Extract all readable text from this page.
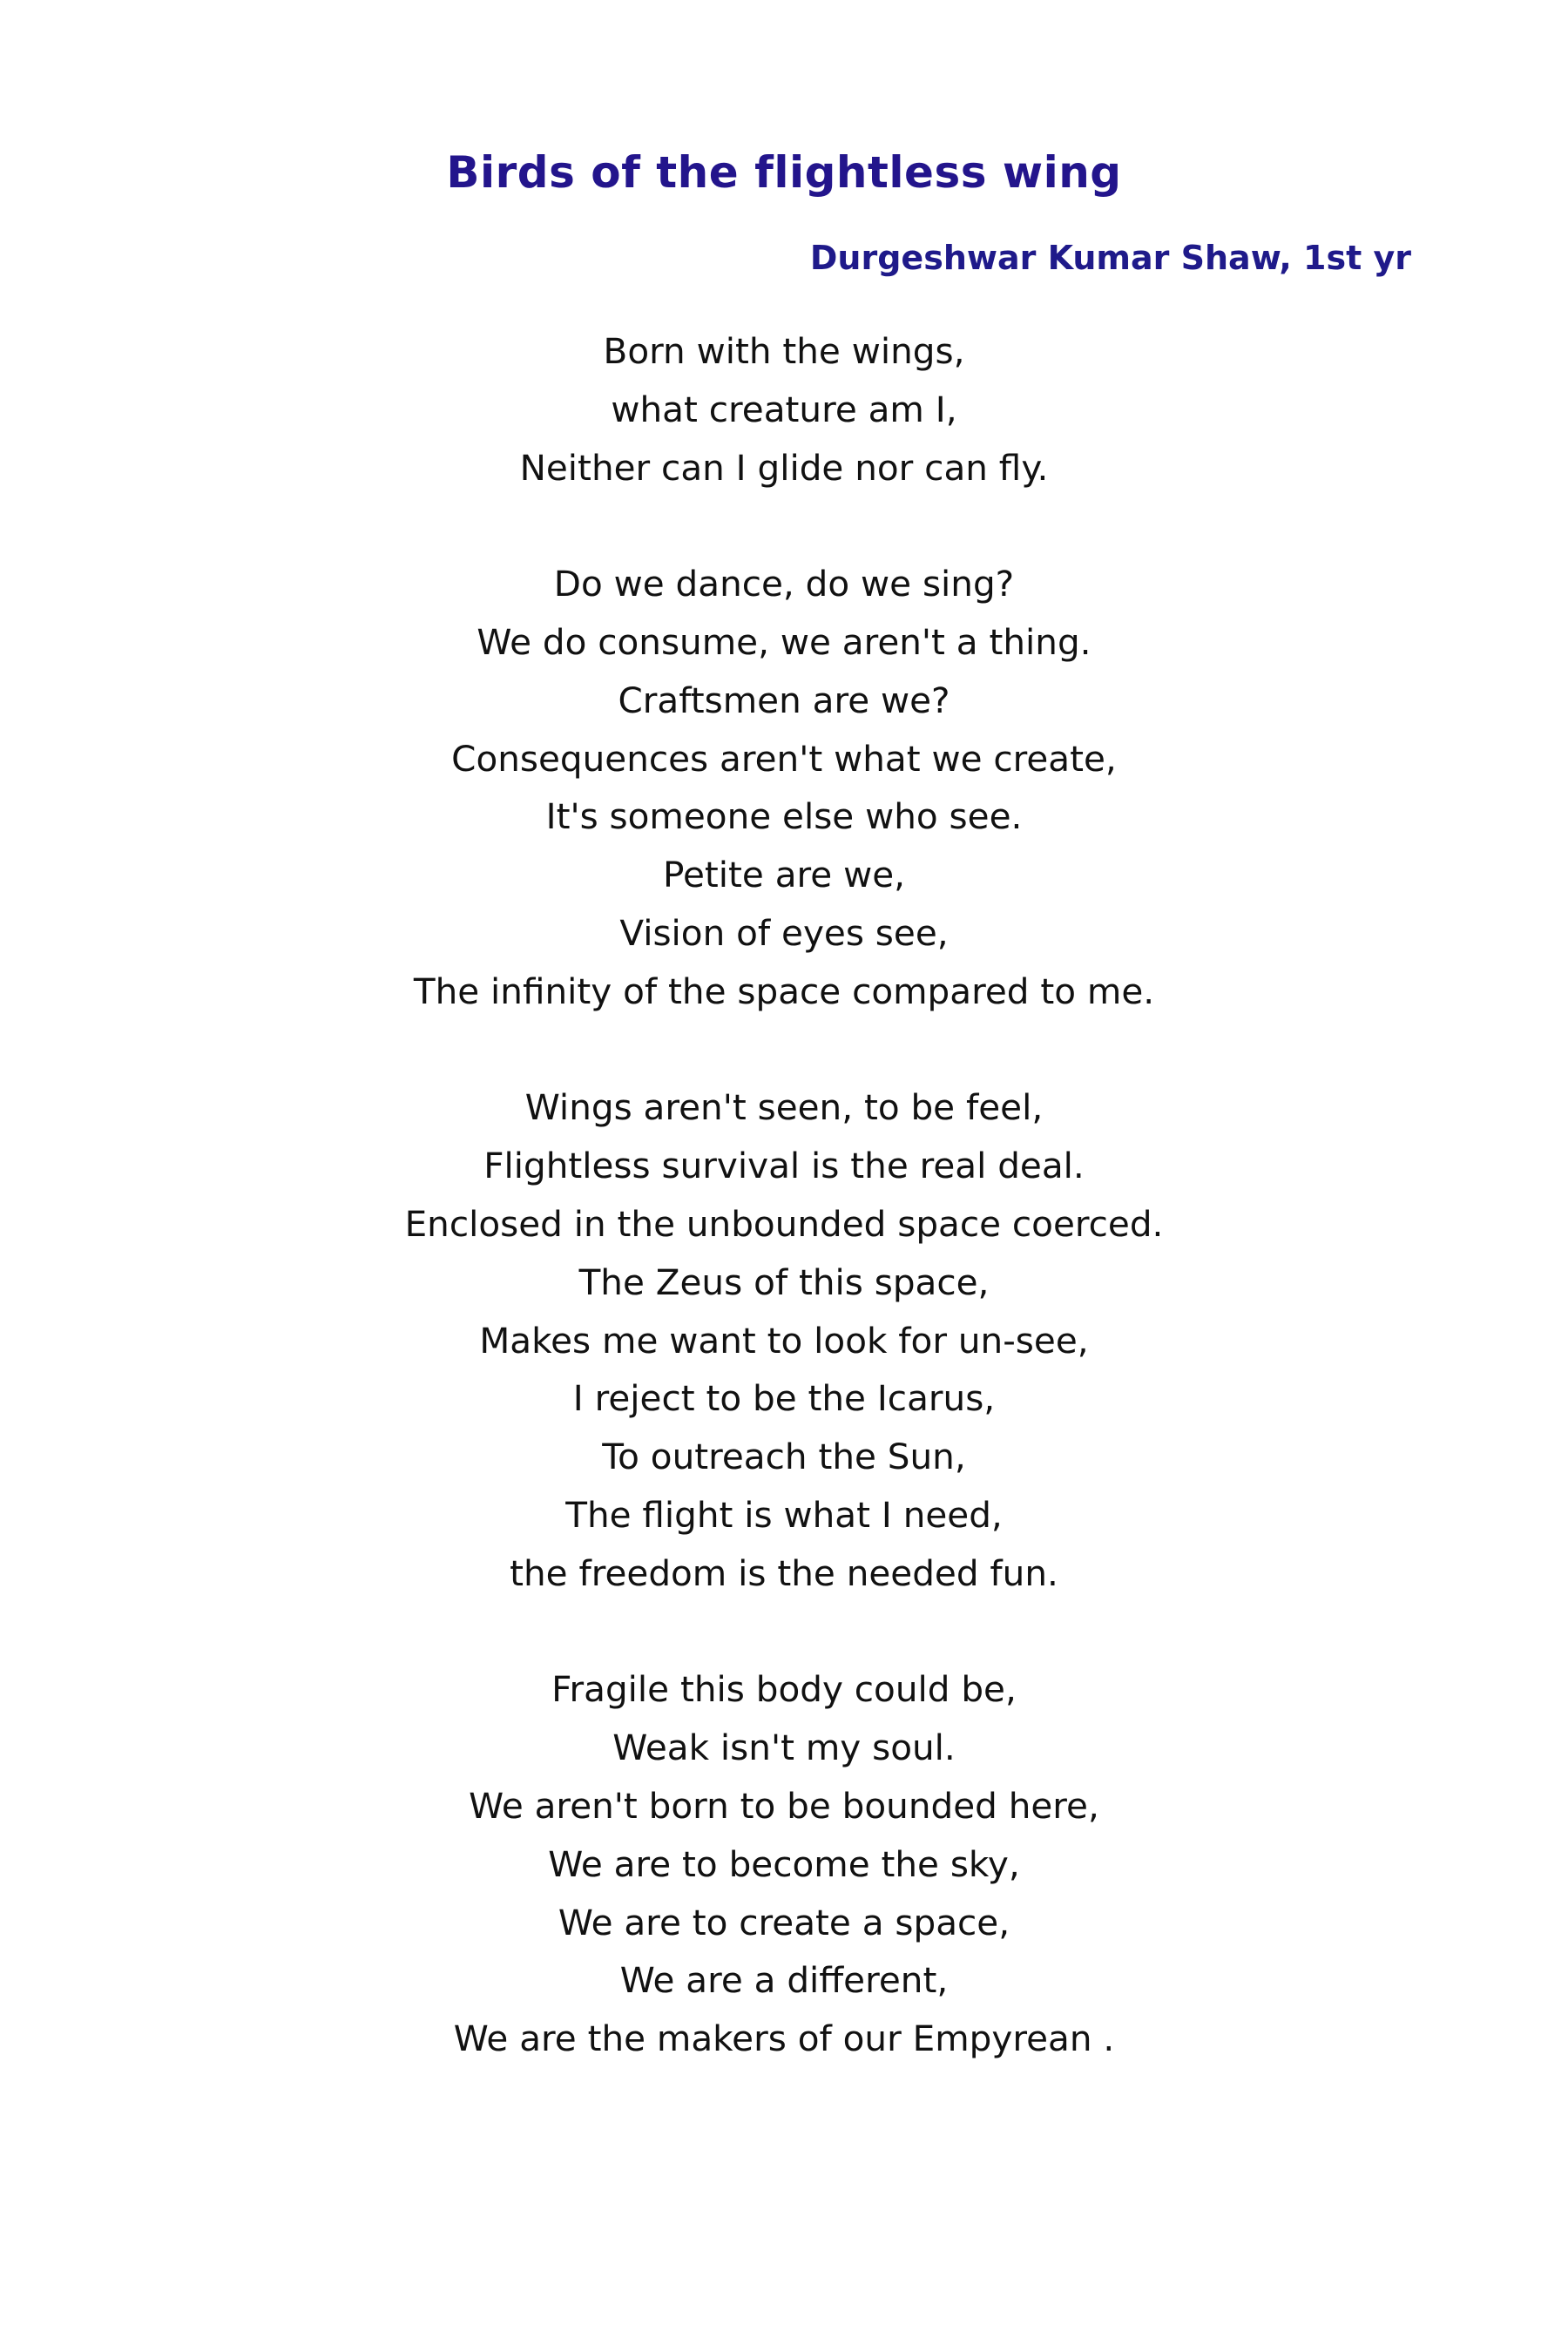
Birds of the flightless wing
Durgeshwar Kumar Shaw, 1st yr
Born with the wings,
what creature am I,
Neither can I glide nor can fly.
Do we dance, do we sing?
We do consume, we aren't a thing.
Craftsmen are we?
Consequences aren't what we create,
It's someone else who see.
Petite are we,
Vision of eyes see,
The infinity of the space compared to me.
Wings aren't seen, to be feel,
Flightless survival is the real deal.
Enclosed in the unbounded space coerced.
The Zeus of this space,
Makes me want to look for un-see,
I reject to be the Icarus,
To outreach the Sun,
The flight is what I need,
the freedom is the needed fun.
Fragile this body could be,
Weak isn't my soul.
We aren't born to be bounded here,
We are to become the sky,
We are to create a space,
We are a different,
We are the makers of our Empyrean .
